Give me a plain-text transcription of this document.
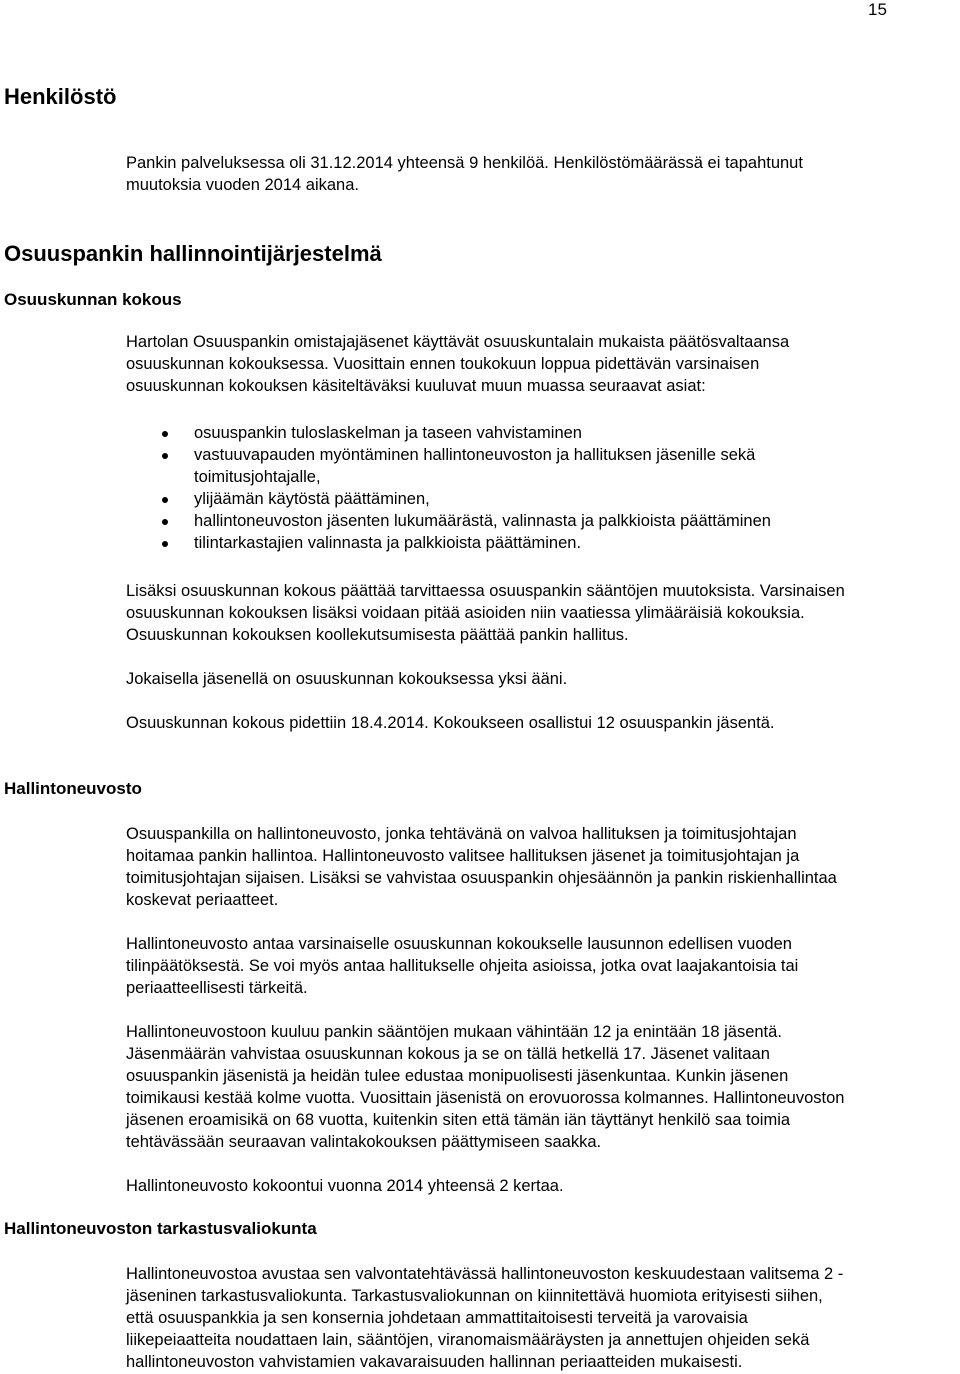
15
Henkilöstö
Pankin palveluksessa oli 31.12.2014 yhteensä 9 henkilöä. Henkilöstömäärässä ei tapahtunut
muutoksia vuoden 2014 aikana.
Osuuspankin hallinnointijärjestelmä
Osuuskunnan kokous
Hartolan Osuuspankin omistajajäsenet käyttävät osuuskuntalain mukaista päätösvaltaansa
osuuskunnan kokouksessa. Vuosittain ennen toukokuun loppua pidettävän varsinaisen
osuuskunnan kokouksen käsiteltäväksi kuuluvat muun muassa seuraavat asiat:
osuuspankin tuloslaskelman ja taseen vahvistaminen
vastuuvapauden myöntäminen hallintoneuvoston ja hallituksen jäsenille sekä
toimitusjohtajalle,
ylijäämän käytöstä päättäminen,
hallintoneuvoston jäsenten lukumäärästä, valinnasta ja palkkioista päättäminen
tilintarkastajien valinnasta ja palkkioista päättäminen.
Lisäksi osuuskunnan kokous päättää tarvittaessa osuuspankin sääntöjen muutoksista. Varsinaisen
osuuskunnan kokouksen lisäksi voidaan pitää asioiden niin vaatiessa ylimääräisiä kokouksia.
Osuuskunnan kokouksen koollekutsumisesta päättää pankin hallitus.
Jokaisella jäsenellä on osuuskunnan kokouksessa yksi ääni.
Osuuskunnan kokous pidettiin 18.4.2014. Kokoukseen osallistui 12 osuuspankin jäsentä.
Hallintoneuvosto
Osuuspankilla on hallintoneuvosto, jonka tehtävänä on valvoa hallituksen ja toimitusjohtajan
hoitamaa pankin hallintoa. Hallintoneuvosto valitsee hallituksen jäsenet ja toimitusjohtajan ja
toimitusjohtajan sijaisen. Lisäksi se vahvistaa osuuspankin ohjesäännön ja pankin riskienhallintaa
koskevat periaatteet.
Hallintoneuvosto antaa varsinaiselle osuuskunnan kokoukselle lausunnon edellisen vuoden
tilinpäätöksestä. Se voi myös antaa hallitukselle ohjeita asioissa, jotka ovat laajakantoisia tai
periaatteellisesti tärkeitä.
Hallintoneuvostoon kuuluu pankin sääntöjen mukaan vähintään 12 ja enintään 18 jäsentä.
Jäsenmäärän vahvistaa osuuskunnan kokous ja se on tällä hetkellä 17. Jäsenet valitaan
osuuspankin jäsenistä ja heidän tulee edustaa monipuolisesti jäsenkuntaa. Kunkin jäsenen
toimikausi kestää kolme vuotta. Vuosittain jäsenistä on erovuorossa kolmannes. Hallintoneuvoston
jäsenen eroamisikä on 68 vuotta, kuitenkin siten että tämän iän täyttänyt henkilö saa toimia
tehtävässään seuraavan valintakokouksen päättymiseen saakka.
Hallintoneuvosto kokoontui vuonna 2014 yhteensä 2 kertaa.
Hallintoneuvoston tarkastusvaliokunta
Hallintoneuvostoa avustaa sen valvontatehtävässä hallintoneuvoston keskuudestaan valitsema 2 -
jäseninen tarkastusvaliokunta. Tarkastusvaliokunnan on kiinnitettävä huomiota erityisesti siihen,
että osuuspankkia ja sen konsernia johdetaan ammattitaitoisesti terveitä ja varovaisia
liikepeiaatteita noudattaen lain, sääntöjen, viranomaismääräysten ja annettujen ohjeiden sekä
hallintoneuvoston vahvistamien vakavaraisuuden hallinnan periaatteiden mukaisesti.
